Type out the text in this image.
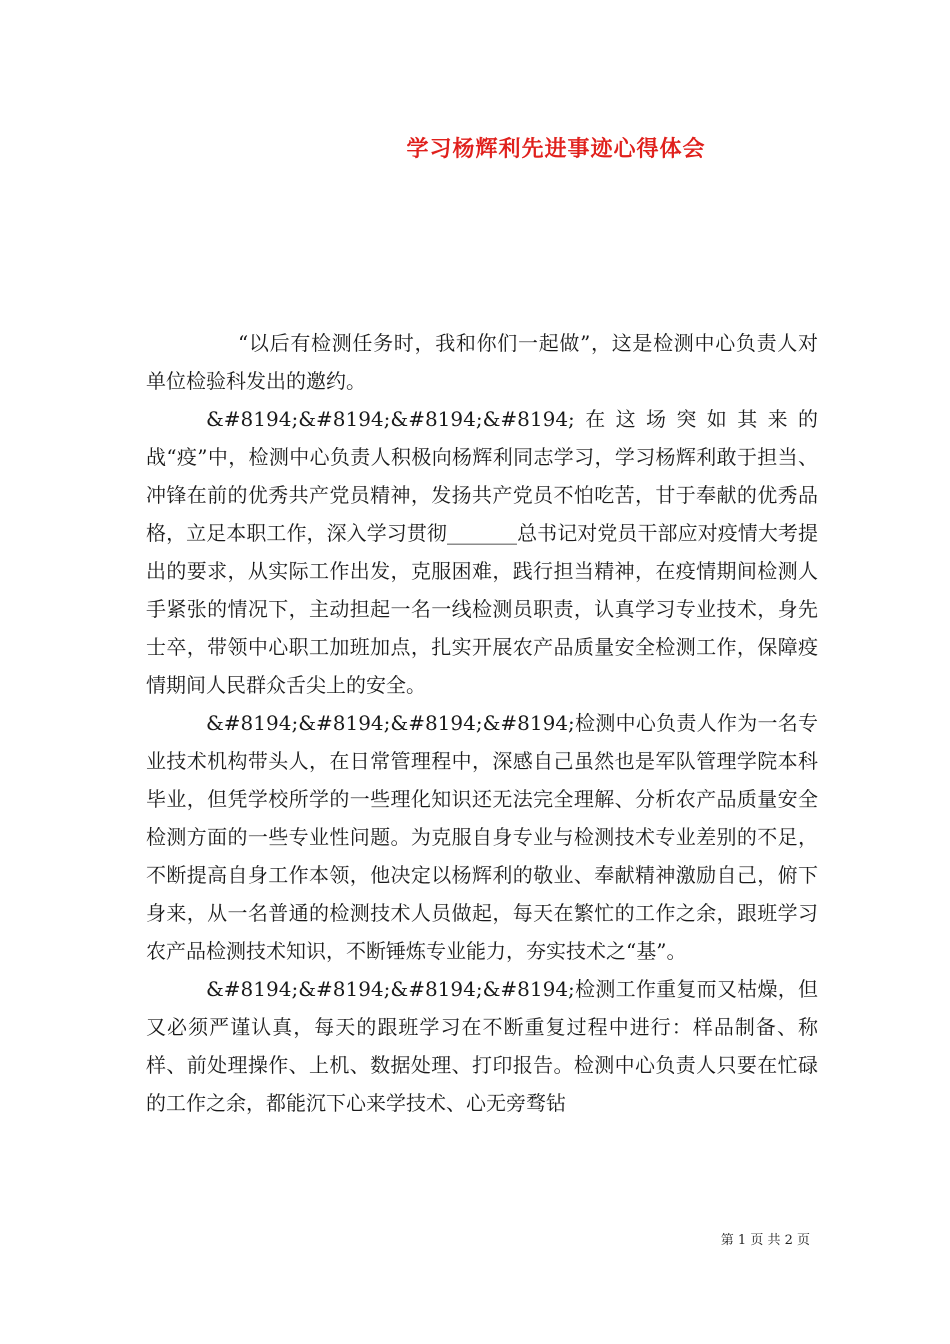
学习杨辉利先进事迹心得体会

“以后有检测任务时，我和你们一起做”，这是检测中心负责人对单位检验科发出的邀约。

&#8194;&#8194;&#8194;&#8194;在这场突如其来的战“疫”中，检测中心负责人积极向杨辉利同志学习，学习杨辉利敢于担当、冲锋在前的优秀共产党员精神，发扬共产党员不怕吃苦，甘于奉献的优秀品格，立足本职工作，深入学习贯彻_______总书记对党员干部应对疫情大考提出的要求，从实际工作出发，克服困难，践行担当精神，在疫情期间检测人手紧张的情况下，主动担起一名一线检测员职责，认真学习专业技术，身先士卒，带领中心职工加班加点，扎实开展农产品质量安全检测工作，保障疫情期间人民群众舌尖上的安全。

&#8194;&#8194;&#8194;&#8194;检测中心负责人作为一名专业技术机构带头人，在日常管理程中，深感自己虽然也是军队管理学院本科毕业，但凭学校所学的一些理化知识还无法完全理解、分析农产品质量安全检测方面的一些专业性问题。为克服自身专业与检测技术专业差别的不足，不断提高自身工作本领，他决定以杨辉利的敬业、奉献精神激励自己，俯下身来，从一名普通的检测技术人员做起，每天在繁忙的工作之余，跟班学习农产品检测技术知识，不断锤炼专业能力，夯实技术之“基”。

&#8194;&#8194;&#8194;&#8194;检测工作重复而又枯燥，但又必须严谨认真，每天的跟班学习在不断重复过程中进行：样品制备、称样、前处理操作、上机、数据处理、打印报告。检测中心负责人只要在忙碌的工作之余，都能沉下心来学技术、心无旁骛钻

第 1 页 共 2 页
